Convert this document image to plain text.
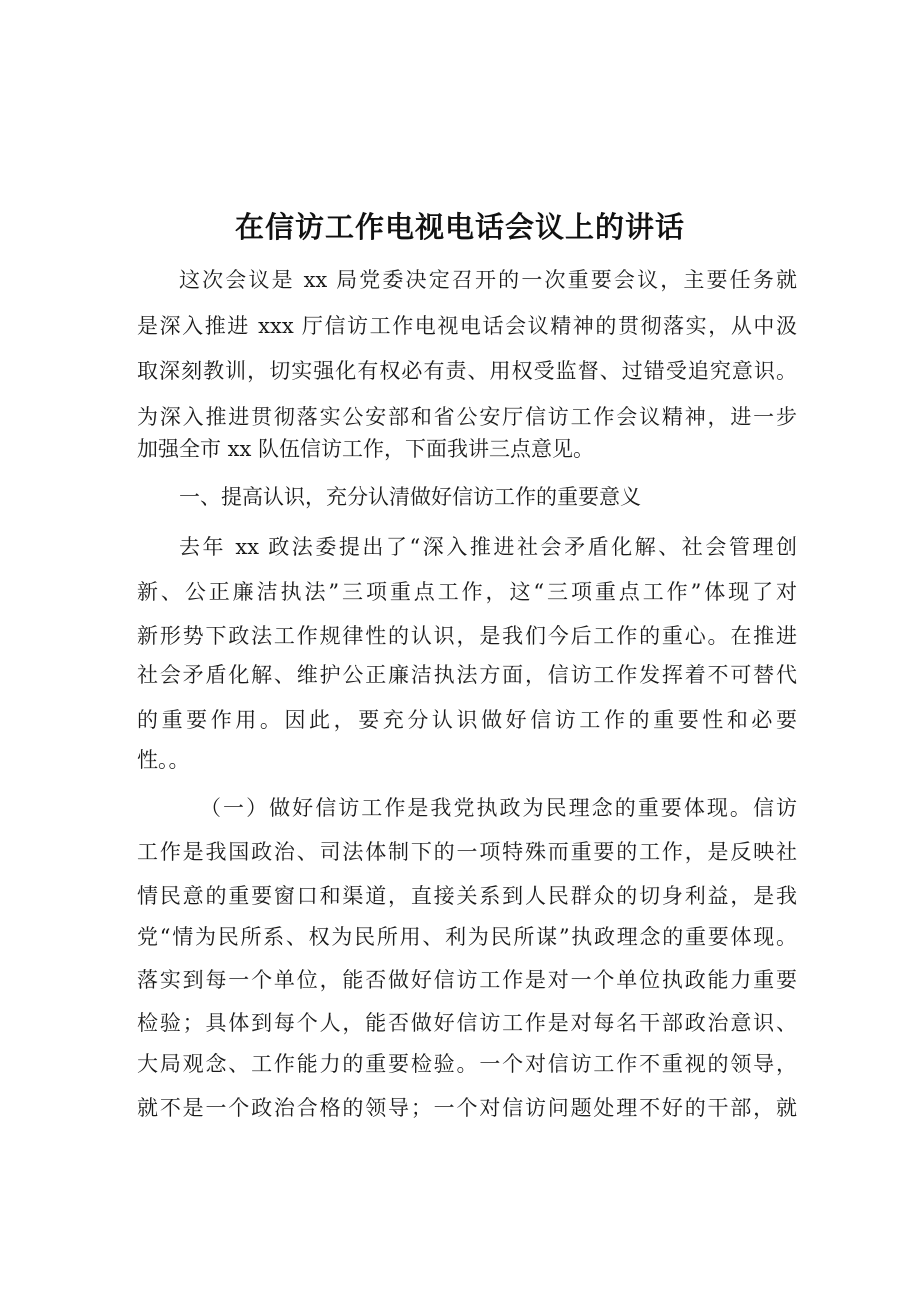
在信访工作电视电话会议上的讲话
这次会议是 xx 局党委决定召开的一次重要会议，主要任务就
是深入推进 xxx 厅信访工作电视电话会议精神的贯彻落实，从中汲
取深刻教训，切实强化有权必有责、用权受监督、过错受追究意识。
为深入推进贯彻落实公安部和省公安厅信访工作会议精神，进一步
加强全市 xx 队伍信访工作，下面我讲三点意见。
一、提高认识，充分认清做好信访工作的重要意义
去年 xx 政法委提出了“深入推进社会矛盾化解、社会管理创
新、公正廉洁执法”三项重点工作，这“三项重点工作”体现了对
新形势下政法工作规律性的认识，是我们今后工作的重心。在推进
社会矛盾化解、维护公正廉洁执法方面，信访工作发挥着不可替代
的重要作用。因此，要充分认识做好信访工作的重要性和必要
性。。
（一）做好信访工作是我党执政为民理念的重要体现。信访
工作是我国政治、司法体制下的一项特殊而重要的工作，是反映社
情民意的重要窗口和渠道，直接关系到人民群众的切身利益，是我
党“情为民所系、权为民所用、利为民所谋”执政理念的重要体现。
落实到每一个单位，能否做好信访工作是对一个单位执政能力重要
检验；具体到每个人，能否做好信访工作是对每名干部政治意识、
大局观念、工作能力的重要检验。一个对信访工作不重视的领导，
就不是一个政治合格的领导；一个对信访问题处理不好的干部，就
